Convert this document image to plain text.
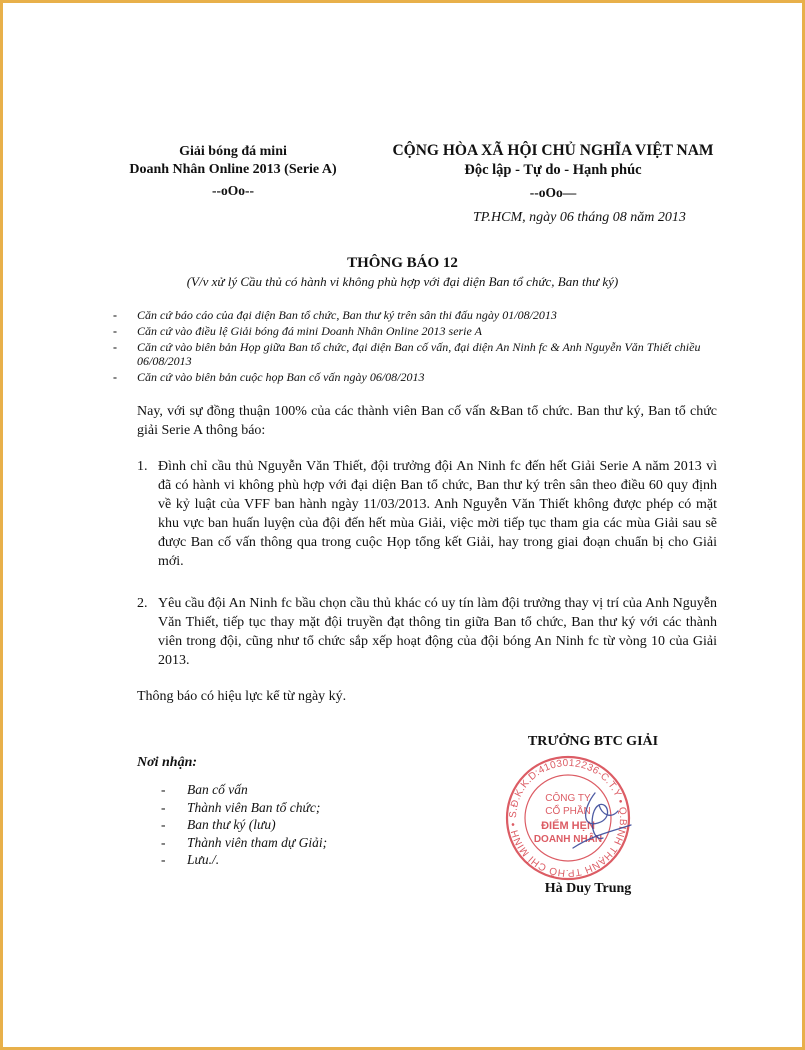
Giải bóng đá mini
Doanh Nhân Online 2013 (Serie A)
--oOo--
CỘNG HÒA XÃ HỘI CHỦ NGHĨA VIỆT NAM
Độc lập - Tự do - Hạnh phúc
--oOo—
TP.HCM, ngày 06 tháng 08 năm 2013
THÔNG BÁO 12
(V/v xử lý Cầu thủ có hành vi không phù hợp với đại diện Ban tổ chức, Ban thư ký)
- Căn cứ báo cáo của đại diện Ban tổ chức, Ban thư ký trên sân thi đấu ngày 01/08/2013
- Căn cứ vào điều lệ Giải bóng đá mini Doanh Nhân Online 2013 serie A
- Căn cứ vào biên bản Họp giữa Ban tổ chức, đại diện Ban cố vấn, đại diện An Ninh fc & Anh Nguyễn Văn Thiết chiều 06/08/2013
- Căn cứ vào biên bản cuộc họp Ban cố vấn ngày 06/08/2013
Nay, với sự đồng thuận 100% của các thành viên Ban cố vấn &Ban tổ chức. Ban thư ký, Ban tổ chức giải Serie A thông báo:
1. Đình chỉ cầu thủ Nguyễn Văn Thiết, đội trưởng đội An Ninh fc đến hết Giải Serie A năm 2013 vì đã có hành vi không phù hợp với đại diện Ban tổ chức, Ban thư ký trên sân theo điều 60 quy định về kỷ luật của VFF ban hành ngày 11/03/2013. Anh Nguyễn Văn Thiết không được phép có mặt khu vực ban huấn luyện của đội đến hết mùa Giải, việc mời tiếp tục tham gia các mùa Giải sau sẽ được Ban cố vấn thông qua trong cuộc Họp tổng kết Giải, hay trong giai đoạn chuẩn bị cho Giải mới.
2. Yêu cầu đội An Ninh fc bầu chọn cầu thủ khác có uy tín làm đội trưởng thay vị trí của Anh Nguyễn Văn Thiết, tiếp tục thay mặt đội truyền đạt thông tin giữa Ban tổ chức, Ban thư ký với các thành viên trong đội, cũng như tổ chức sắp xếp hoạt động của đội bóng An Ninh fc từ vòng 10 của Giải 2013.
Thông báo có hiệu lực kể từ ngày ký.
TRƯỞNG BTC GIẢI
Nơi nhận:
- Ban cố vấn
- Thành viên Ban tổ chức;
- Ban thư ký (lưu)
- Thành viên tham dự Giải;
- Lưu./.
S.Đ.K.K.D:4103012236-C.T.Y • Q.BÌNH THẠNH TP.HỒ CHÍ MINH •
CÔNG TY
CỔ PHẦN
ĐIỂM HẸN
DOANH NHÂN
Hà Duy Trung
